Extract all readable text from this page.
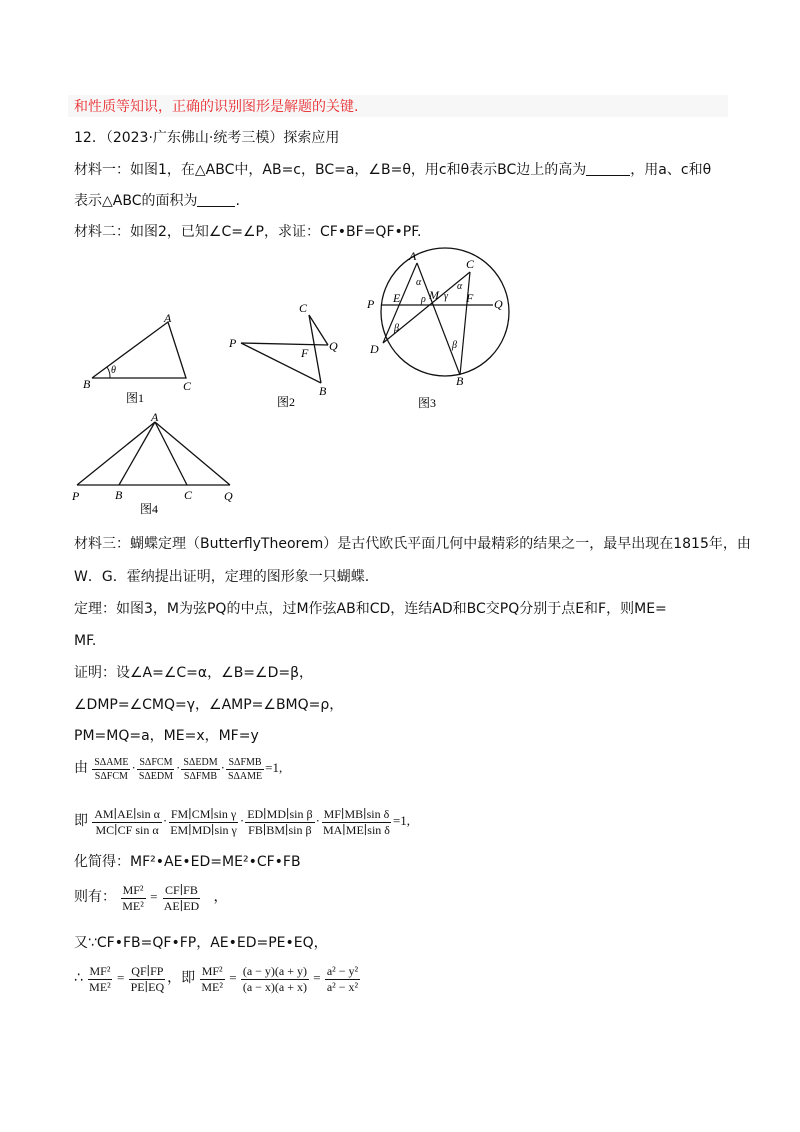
和性质等知识，正确的识别图形是解题的关键.
12．（2023·广东佛山·统考三模）探索应用
材料一：如图1，在△ABC中，AB=c，BC=a，∠B=θ，用c和θ表示BC边上的高为	，用a、c和θ
表示△ABC的面积为	.
材料二：如图2，已知∠C=∠P，求证：CF•BF=QF•PF.
A
B	C
θ
图1
C
P	Q
F
B
图2
A
C
P E ρ M
α
γ
α
F Q
β
β
D
B
图3
A
P	B	C	Q
图4
材料三：蝴蝶定理（ButterflyTheorem）是古代欧氏平面几何中最精彩的结果之一，最早出现在1815年，由
W．G．霍纳提出证明，定理的图形象一只蝴蝶.
定理：如图3，M为弦PQ的中点，过M作弦AB和CD，连结AD和BC交PQ分别于点E和F，则ME=
MF.
证明：设∠A=∠C=α，∠B=∠D=β，
∠DMP=∠CMQ=γ，∠AMP=∠BMQ=ρ，
PM=MQ=a，ME=x，MF=y
由 $\frac{\text{SΔAME}}{\text{SΔFCM}} \cdot \frac{\text{SΔFCM}}{\text{SΔEDM}} \cdot \frac{\text{SΔEDM}}{\text{SΔFMB}} \cdot \frac{\text{SΔFMB}}{\text{SΔAME}} =1$,
即 $\frac{\text{AM∣AE∣sin α}}{\text{MC∣CF sin α}} \cdot \frac{\text{FM∣CM∣sin γ}}{\text{EM∣MD∣sin γ}} \cdot \frac{\text{ED∣MD∣sin β}}{\text{FB∣BM∣sin β}} \cdot \frac{\text{MF∣MB∣sin δ}}{\text{MA∣ME∣sin δ}} =1$,
化简得：MF²•AE•ED=ME²•CF•FB
则有： $\frac{\text{MF²}}{\text{ME²}} = \frac{CF∣FB}{AE∣ED}$ ，
又∵CF•FB=QF•FP，AE•ED=PE•EQ，
∴ $\frac{\text{MF²}}{\text{ME²}} = \frac{QF∣FP}{PE∣EQ}$ ，即 $\frac{\text{MF²}}{\text{ME²}} = \frac{(a - y)(a + y)}{(a - x)(a + x)} = \frac{\text{a² − y²}}{\text{a² − x²}}$
